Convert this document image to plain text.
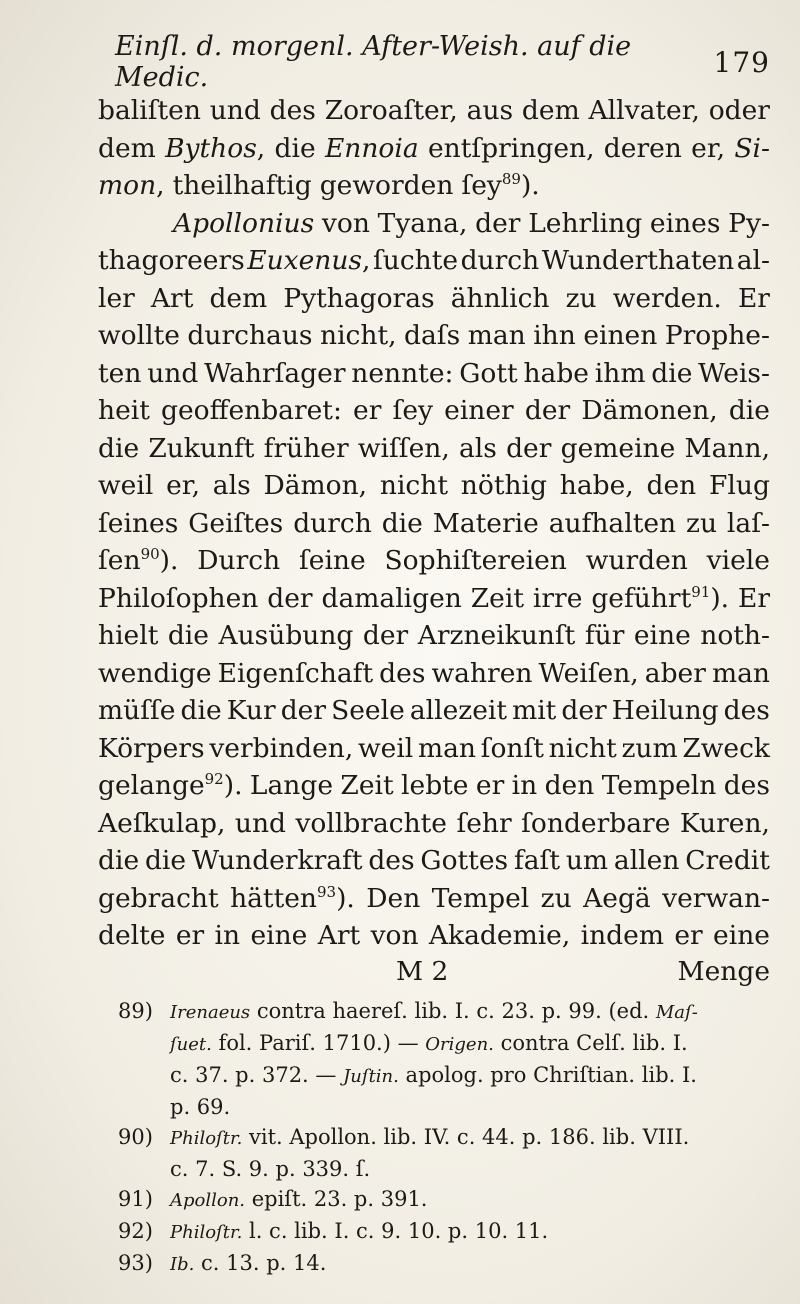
Einſl. d. morgenl. After-Weish. auf die Medic.	179
baliſten und des Zoroaſter, aus dem Allvater, oder
dem Bythos, die Ennoia entſpringen, deren er, Si-
mon, theilhaftig geworden ſey$^{89}$).
Apollonius von Tyana, der Lehrling eines Py-
thagoreers Euxenus, ſuchte durch Wunderthaten al-
ler Art dem Pythagoras ähnlich zu werden. Er
wollte durchaus nicht, daſs man ihn einen Prophe-
ten und Wahrſager nennte: Gott habe ihm die Weis-
heit geoffenbaret: er ſey einer der Dämonen, die
die Zukunft früher wiſſen, als der gemeine Mann,
weil er, als Dämon, nicht nöthig habe, den Flug
ſeines Geiſtes durch die Materie aufhalten zu laſ-
ſen$^{90}$). Durch ſeine Sophiſtereien wurden viele
Philoſophen der damaligen Zeit irre geführt$^{91}$). Er
hielt die Ausübung der Arzneikunſt für eine noth-
wendige Eigenſchaft des wahren Weiſen, aber man
müſſe die Kur der Seele allezeit mit der Heilung des
Körpers verbinden, weil man ſonſt nicht zum Zweck
gelange$^{92}$). Lange Zeit lebte er in den Tempeln des
Aeſkulap, und vollbrachte ſehr ſonderbare Kuren,
die die Wunderkraft des Gottes faſt um allen Credit
gebracht hätten$^{93}$). Den Tempel zu Aegä verwan-
delte er in eine Art von Akademie, indem er eine
M 2	Menge
89) Irenaeus contra haereſ. lib. I. c. 23. p. 99. (ed. Maſ-
ſuet. fol. Pariſ. 1710.) — Origen. contra Celſ. lib. I.
c. 37. p. 372. — Juſtin. apolog. pro Chriſtian. lib. I.
p. 69.
90) Philoſtr. vit. Apollon. lib. IV. c. 44. p. 186. lib. VIII.
c. 7. S. 9. p. 339. ſ.
91) Apollon. epiſt. 23. p. 391.
92) Philoſtr. l. c. lib. I. c. 9. 10. p. 10. 11.
93) Ib. c. 13. p. 14.
